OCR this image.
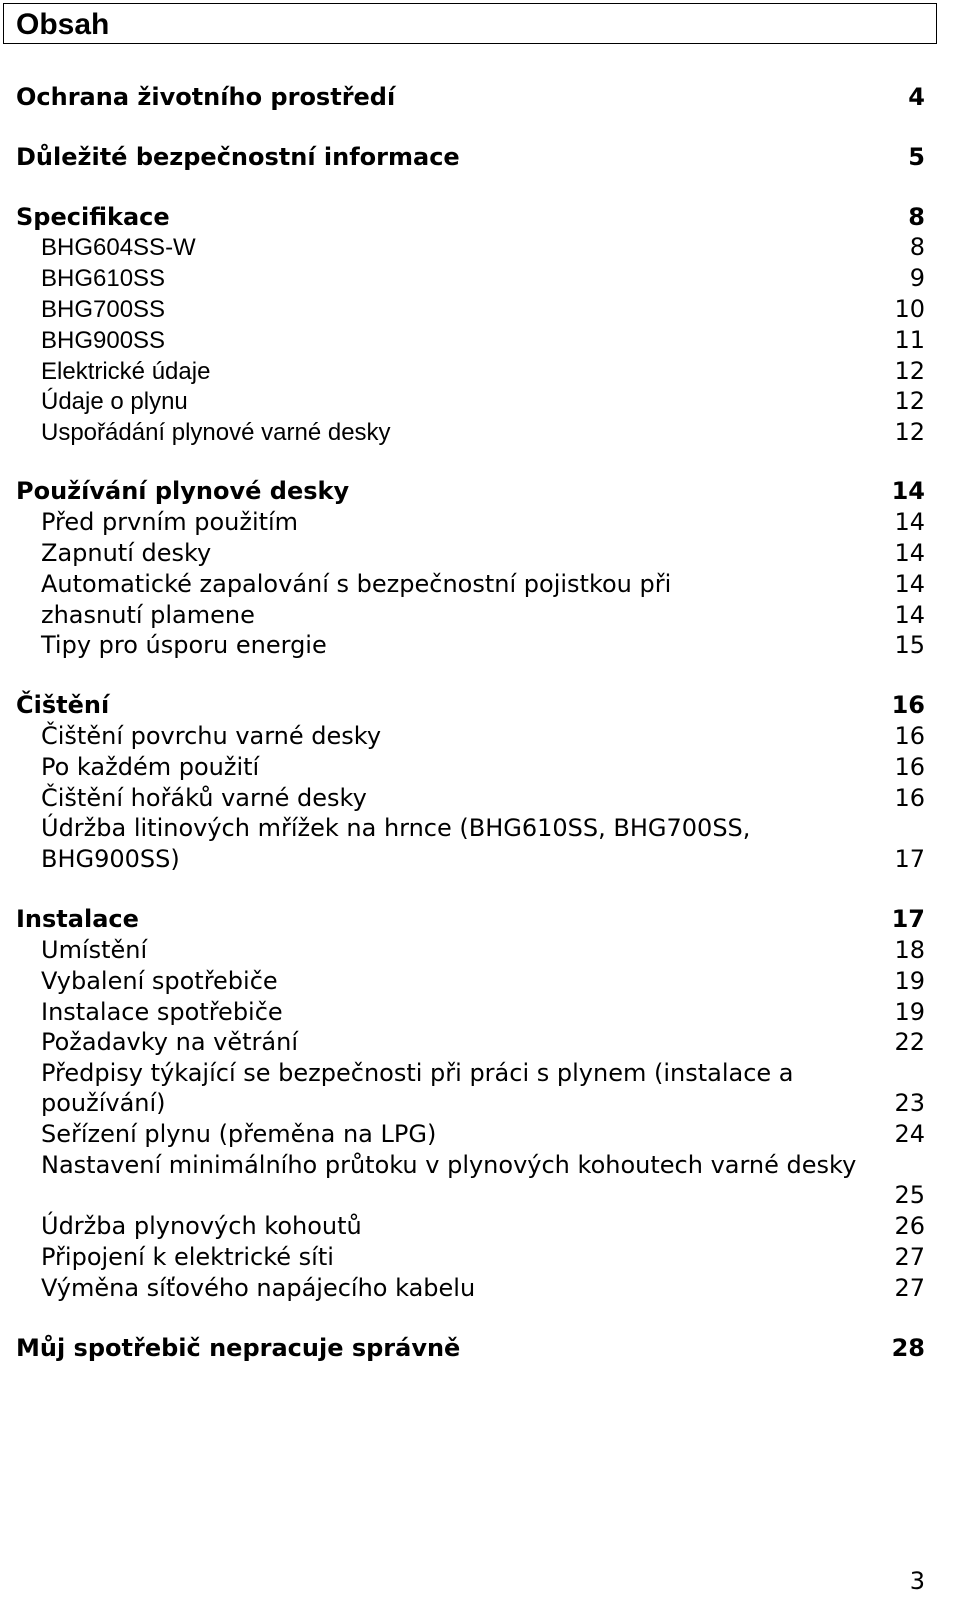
Obsah
Ochrana životního prostředí	4
Důležité bezpečnostní informace	5
Specifikace	8
BHG604SS-W	8
BHG610SS	9
BHG700SS	10
BHG900SS	11
Elektrické údaje	12
Údaje o plynu	12
Uspořádání plynové varné desky	12
Používání plynové desky	14
Před prvním použitím	14
Zapnutí desky	14
Automatické zapalování s bezpečnostní pojistkou při	14
zhasnutí plamene	14
Tipy pro úsporu energie	15
Čištění	16
Čištění povrchu varné desky	16
Po každém použití	16
Čištění hořáků varné desky	16
Údržba litinových mřížek na hrnce (BHG610SS, BHG700SS,
BHG900SS)	17
Instalace	17
Umístění	18
Vybalení spotřebiče	19
Instalace spotřebiče	19
Požadavky na větrání	22
Předpisy týkající se bezpečnosti při práci s plynem (instalace a
používání)	23
Seřízení plynu (přeměna na LPG)	24
Nastavení minimálního průtoku v plynových kohoutech varné desky
25
Údržba plynových kohoutů	26
Připojení k elektrické síti	27
Výměna síťového napájecího kabelu	27
Můj spotřebič nepracuje správně	28
3
